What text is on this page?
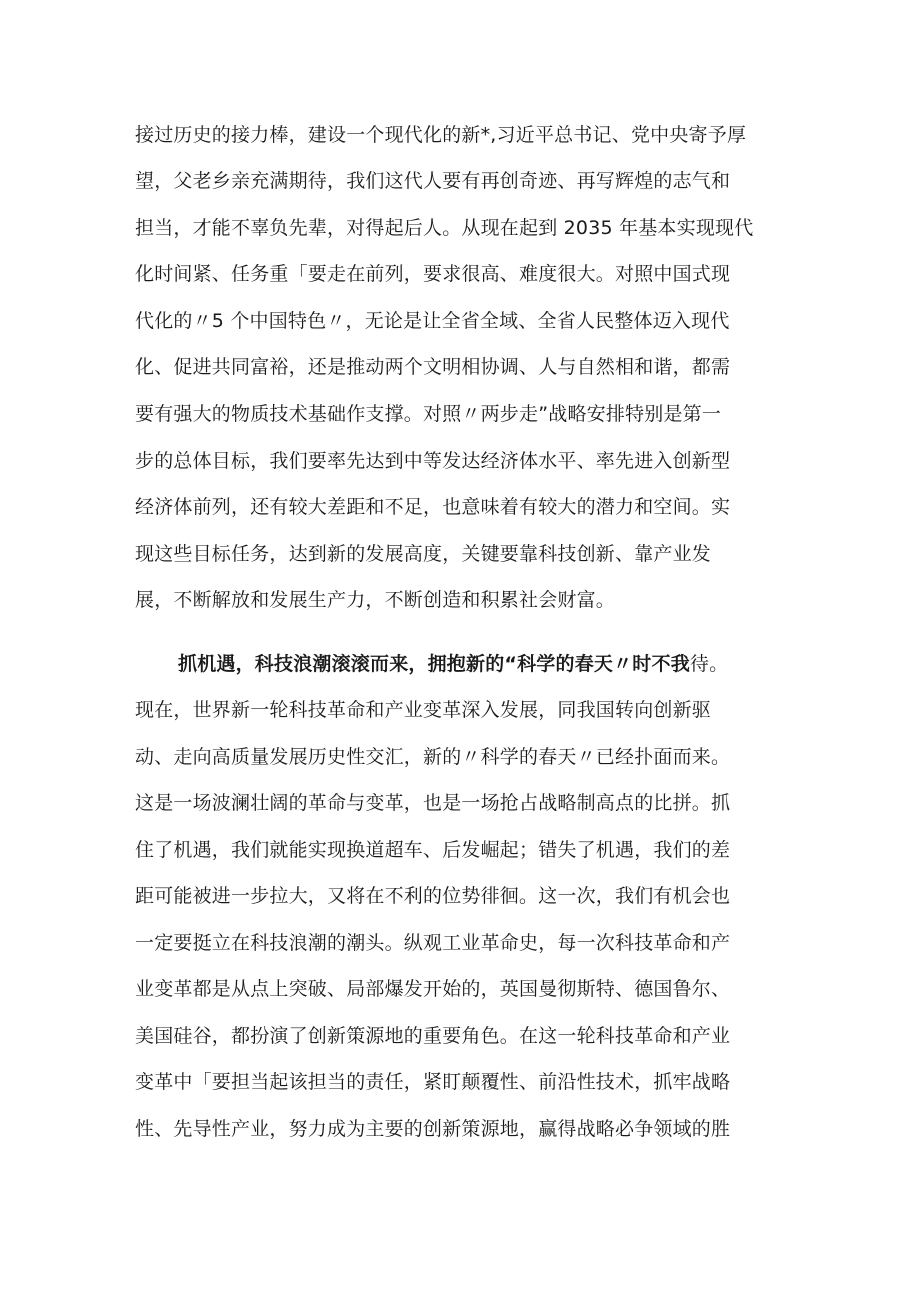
接过历史的接力棒，建设一个现代化的新*,习近平总书记、党中央寄予厚
望，父老乡亲充满期待，我们这代人要有再创奇迹、再写辉煌的志气和
担当，才能不辜负先辈，对得起后人。从现在起到 2035 年基本实现现代
化时间紧、任务重「要走在前列，要求很高、难度很大。对照中国式现
代化的〃5 个中国特色〃，无论是让全省全域、全省人民整体迈入现代
化、促进共同富裕，还是推动两个文明相协调、人与自然相和谐，都需
要有强大的物质技术基础作支撑。对照〃两步走”战略安排特别是第一
步的总体目标，我们要率先达到中等发达经济体水平、率先进入创新型
经济体前列，还有较大差距和不足，也意味着有较大的潜力和空间。实
现这些目标任务，达到新的发展高度，关键要靠科技创新、靠产业发
展，不断解放和发展生产力，不断创造和积累社会财富。
抓机遇，科技浪潮滚滚而来，拥抱新的“科学的春天〃时不我待。
现在，世界新一轮科技革命和产业变革深入发展，同我国转向创新驱
动、走向高质量发展历史性交汇，新的〃科学的春天〃已经扑面而来。
这是一场波澜壮阔的革命与变革，也是一场抢占战略制高点的比拼。抓
住了机遇，我们就能实现换道超车、后发崛起；错失了机遇，我们的差
距可能被进一步拉大，又将在不利的位势徘徊。这一次，我们有机会也
一定要挺立在科技浪潮的潮头。纵观工业革命史，每一次科技革命和产
业变革都是从点上突破、局部爆发开始的，英国曼彻斯特、德国鲁尔、
美国硅谷，都扮演了创新策源地的重要角色。在这一轮科技革命和产业
变革中「要担当起该担当的责任，紧盯颠覆性、前沿性技术，抓牢战略
性、先导性产业，努力成为主要的创新策源地，赢得战略必争领域的胜
